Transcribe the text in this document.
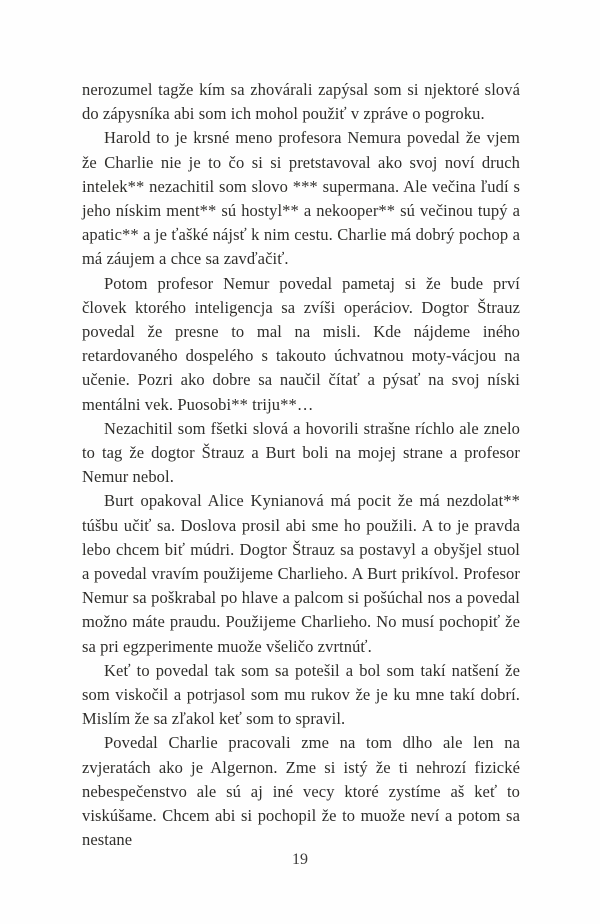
nerozumel tagže kím sa zhovárali zapýsal som si njektoré slová do zápysníka abi som ich mohol použiť v zpráve o pogroku.

Harold to je krsné meno profesora Nemura povedal že vjem že Charlie nie je to čo si si pretstavoval ako svoj noví druch intelek** nezachitil som slovo *** supermana. Ale večina ľudí s jeho nískim ment** sú hostyl** a nekooper** sú večinou tupý a apatic** a je ťašké nájsť k nim cestu. Charlie má dobrý pochop a má záujem a chce sa zavďačiť.

Potom profesor Nemur povedal pametaj si že bude prví človek ktorého inteligencja sa zvíši operáciov. Dogtor Štrauz povedal že presne to mal na misli. Kde nájdeme iného retardovaného dospelého s takouto úchvatnou moty-vácjou na učenie. Pozri ako dobre sa naučil čítať a pýsať na svoj níski mentálni vek. Puosobi** triju**…

Nezachitil som fšetki slová a hovorili strašne ríchlo ale znelo to tag že dogtor Štrauz a Burt boli na mojej strane a profesor Nemur nebol.

Burt opakoval Alice Kynianová má pocit že má nezdolat** túšbu učiť sa. Doslova prosil abi sme ho použili. A to je pravda lebo chcem biť múdri. Dogtor Štrauz sa postavyl a obyšjel stuol a povedal vravím použijeme Charlieho. A Burt prikívol. Profesor Nemur sa poškrabal po hlave a palcom si pošúchal nos a povedal možno máte praudu. Použijeme Charlieho. No musí pochopiť že sa pri egzperimente muože všeličo zvrtnúť.

Keť to povedal tak som sa potešil a bol som takí natšení že som viskočil a potrjasol som mu rukov že je ku mne takí dobrí. Mislím že sa zľakol keť som to spravil.

Povedal Charlie pracovali zme na tom dlho ale len na zvjeratách ako je Algernon. Zme si istý že ti nehrozí fizické nebespečenstvo ale sú aj iné vecy ktoré zystíme aš keť to viskúšame. Chcem abi si pochopil že to muože neví a potom sa nestane

19
